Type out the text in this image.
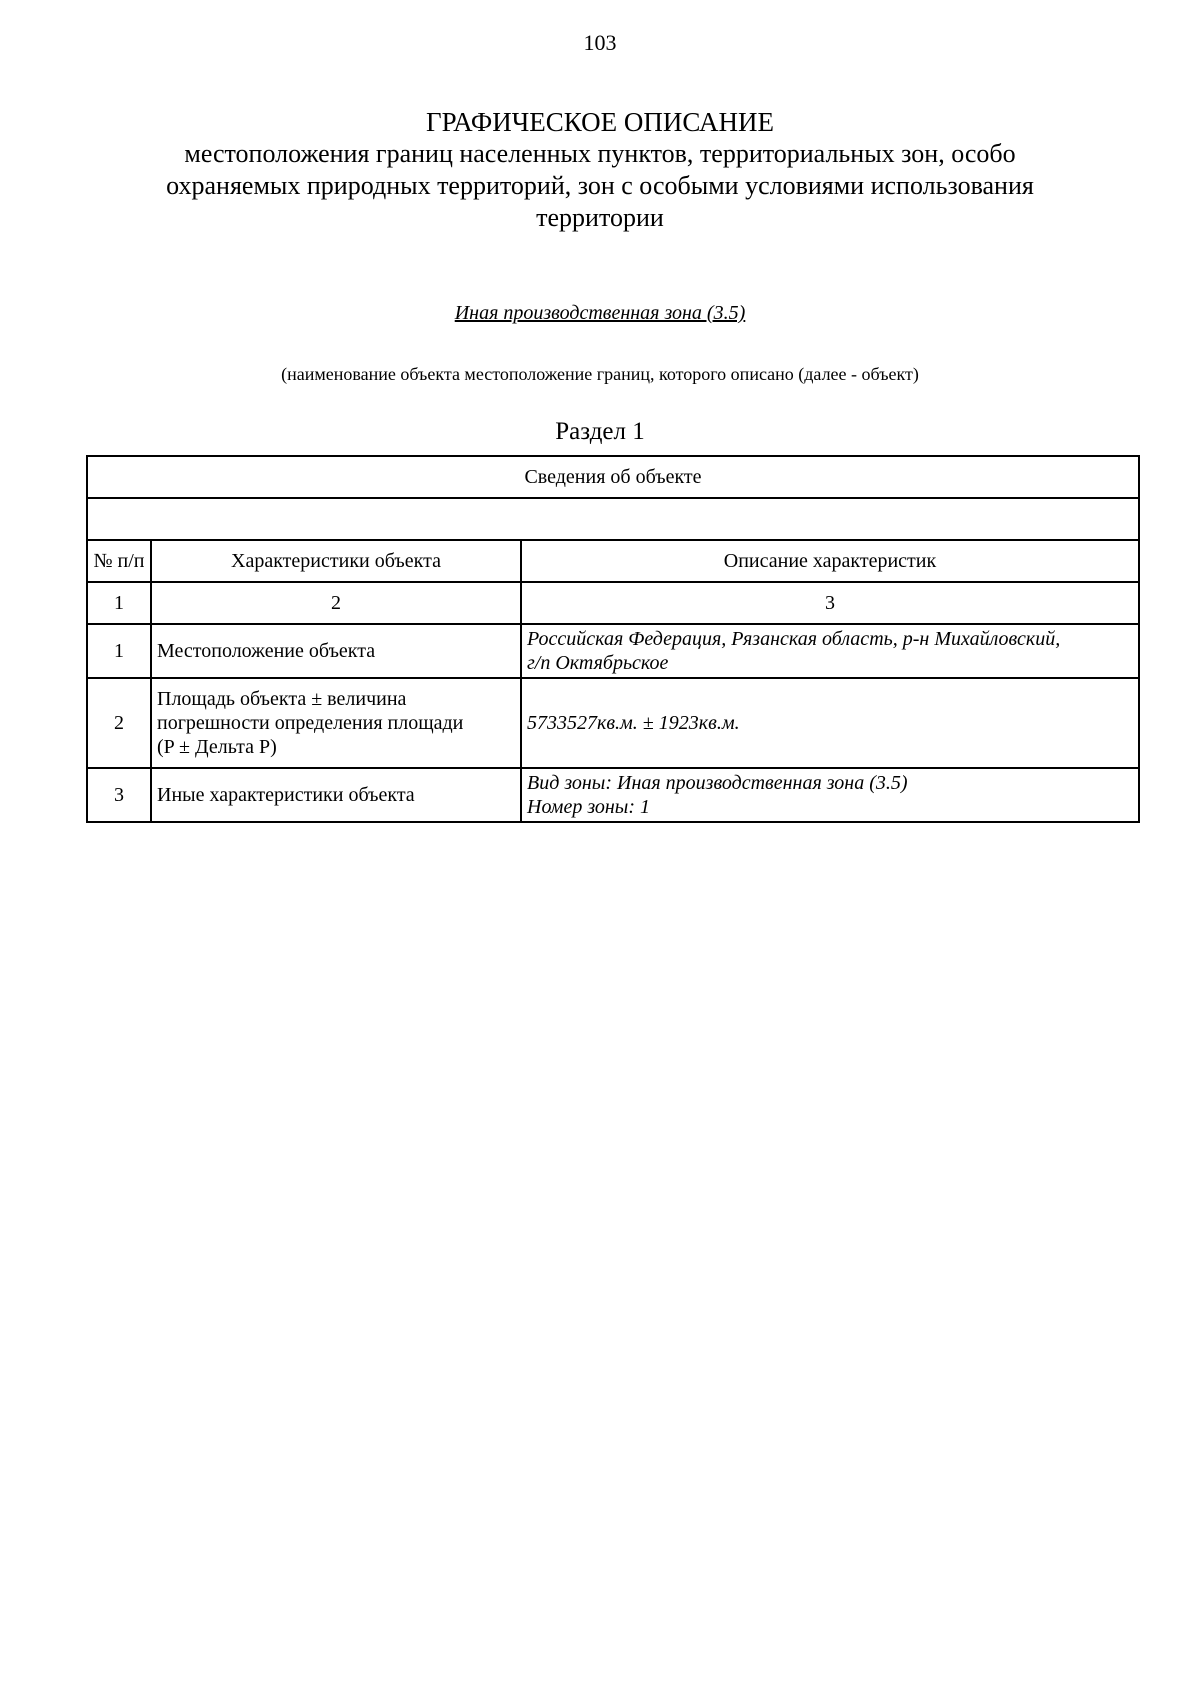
103
ГРАФИЧЕСКОЕ ОПИСАНИЕ
местоположения границ населенных пунктов, территориальных зон, особо
охраняемых природных территорий, зон с особыми условиями использования
территории
Иная производственная зона (3.5)
(наименование объекта местоположение границ, которого описано (далее - объект)
Раздел 1
Сведения об объекте		

№ п/п	Характеристики объекта	Описание характеристик
1	2	3
1	Местоположение объекта	Российская Федерация, Рязанская область, р-н Михайловский,
г/п Октябрьское

2	Площадь объекта ± величина
погрешности определения площади
(P ± Дельта P)	5733527кв.м. ± 1923кв.м.

3	Иные характеристики объекта	Вид зоны: Иная производственная зона (3.5)
Номер зоны: 1
